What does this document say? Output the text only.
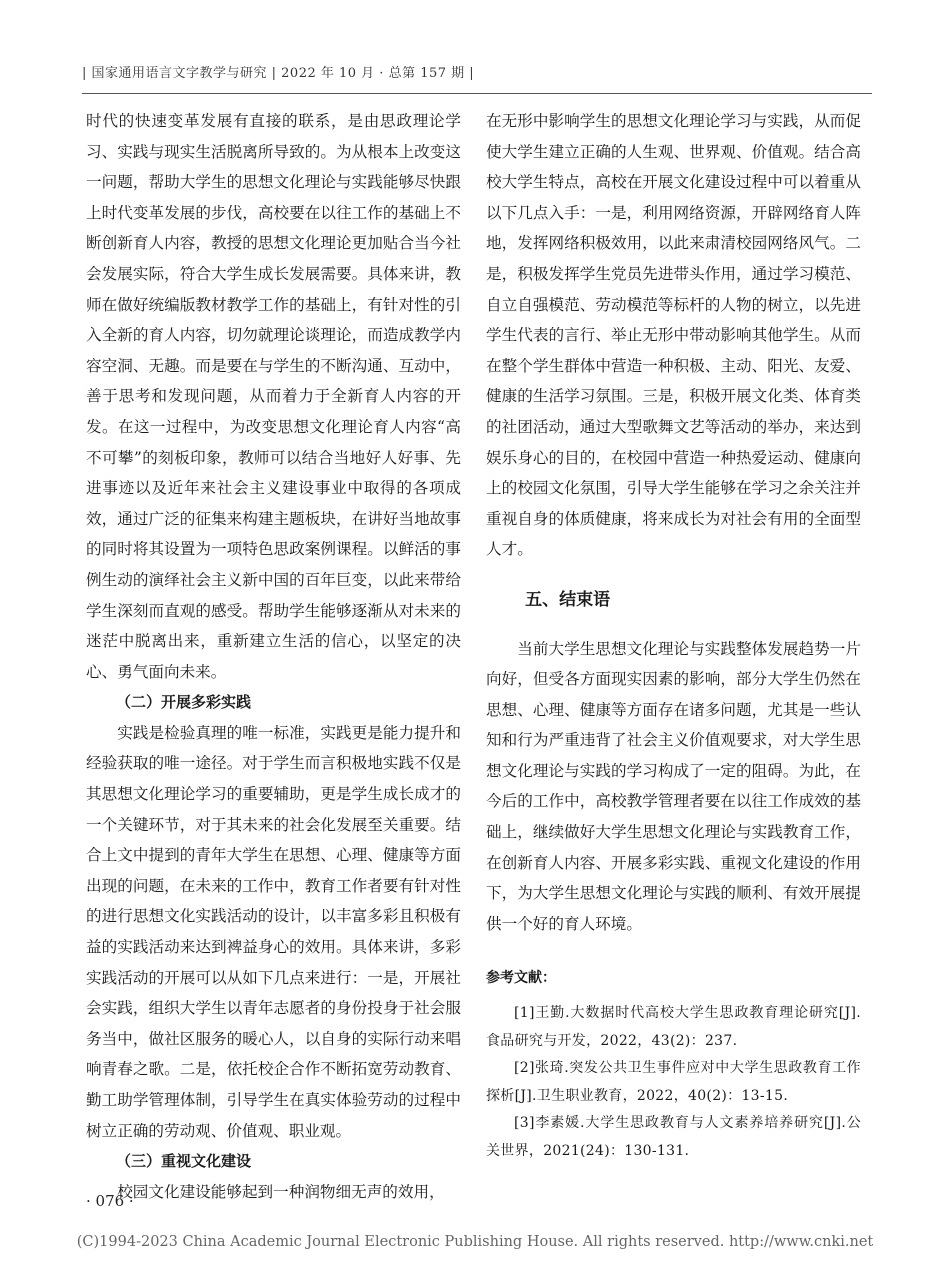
| 国家通用语言文字教学与研究 | 2022 年 10 月 · 总第 157 期 |

时代的快速变革发展有直接的联系，是由思政理论学习、实践与现实生活脱离所导致的。为从根本上改变这一问题，帮助大学生的思想文化理论与实践能够尽快跟上时代变革发展的步伐，高校要在以往工作的基础上不断创新育人内容，教授的思想文化理论更加贴合当今社会发展实际，符合大学生成长发展需要。具体来讲，教师在做好统编版教材教学工作的基础上，有针对性的引入全新的育人内容，切勿就理论谈理论，而造成教学内容空洞、无趣。而是要在与学生的不断沟通、互动中，善于思考和发现问题，从而着力于全新育人内容的开发。在这一过程中，为改变思想文化理论育人内容“高不可攀”的刻板印象，教师可以结合当地好人好事、先进事迹以及近年来社会主义建设事业中取得的各项成效，通过广泛的征集来构建主题板块，在讲好当地故事的同时将其设置为一项特色思政案例课程。以鲜活的事例生动的演绎社会主义新中国的百年巨变，以此来带给学生深刻而直观的感受。帮助学生能够逐渐从对未来的迷茫中脱离出来，重新建立生活的信心，以坚定的决心、勇气面向未来。

（二）开展多彩实践

实践是检验真理的唯一标准，实践更是能力提升和经验获取的唯一途径。对于学生而言积极地实践不仅是其思想文化理论学习的重要辅助，更是学生成长成才的一个关键环节，对于其未来的社会化发展至关重要。结合上文中提到的青年大学生在思想、心理、健康等方面出现的问题，在未来的工作中，教育工作者要有针对性的进行思想文化实践活动的设计，以丰富多彩且积极有益的实践活动来达到裨益身心的效用。具体来讲，多彩实践活动的开展可以从如下几点来进行：一是，开展社会实践，组织大学生以青年志愿者的身份投身于社会服务当中，做社区服务的暖心人，以自身的实际行动来唱响青春之歌。二是，依托校企合作不断拓宽劳动教育、勤工助学管理体制，引导学生在真实体验劳动的过程中树立正确的劳动观、价值观、职业观。

（三）重视文化建设

校园文化建设能够起到一种润物细无声的效用，

在无形中影响学生的思想文化理论学习与实践，从而促使大学生建立正确的人生观、世界观、价值观。结合高校大学生特点，高校在开展文化建设过程中可以着重从以下几点入手：一是，利用网络资源，开辟网络育人阵地，发挥网络积极效用，以此来肃清校园网络风气。二是，积极发挥学生党员先进带头作用，通过学习模范、自立自强模范、劳动模范等标杆的人物的树立，以先进学生代表的言行、举止无形中带动影响其他学生。从而在整个学生群体中营造一种积极、主动、阳光、友爱、健康的生活学习氛围。三是，积极开展文化类、体育类的社团活动，通过大型歌舞文艺等活动的举办，来达到娱乐身心的目的，在校园中营造一种热爱运动、健康向上的校园文化氛围，引导大学生能够在学习之余关注并重视自身的体质健康，将来成长为对社会有用的全面型人才。

五、结束语

当前大学生思想文化理论与实践整体发展趋势一片向好，但受各方面现实因素的影响，部分大学生仍然在思想、心理、健康等方面存在诸多问题，尤其是一些认知和行为严重违背了社会主义价值观要求，对大学生思想文化理论与实践的学习构成了一定的阻碍。为此，在今后的工作中，高校教学管理者要在以往工作成效的基础上，继续做好大学生思想文化理论与实践教育工作，在创新育人内容、开展多彩实践、重视文化建设的作用下，为大学生思想文化理论与实践的顺利、有效开展提供一个好的育人环境。

参考文献：

[1]王勤.大数据时代高校大学生思政教育理论研究[J].食品研究与开发，2022，43(2)：237.

[2]张琦.突发公共卫生事件应对中大学生思政教育工作探析[J].卫生职业教育，2022，40(2)：13-15.

[3]李素媛.大学生思政教育与人文素养培养研究[J].公关世界，2021(24)：130-131.

· 076 ·
(C)1994-2023 China Academic Journal Electronic Publishing House. All rights reserved. http://www.cnki.net
